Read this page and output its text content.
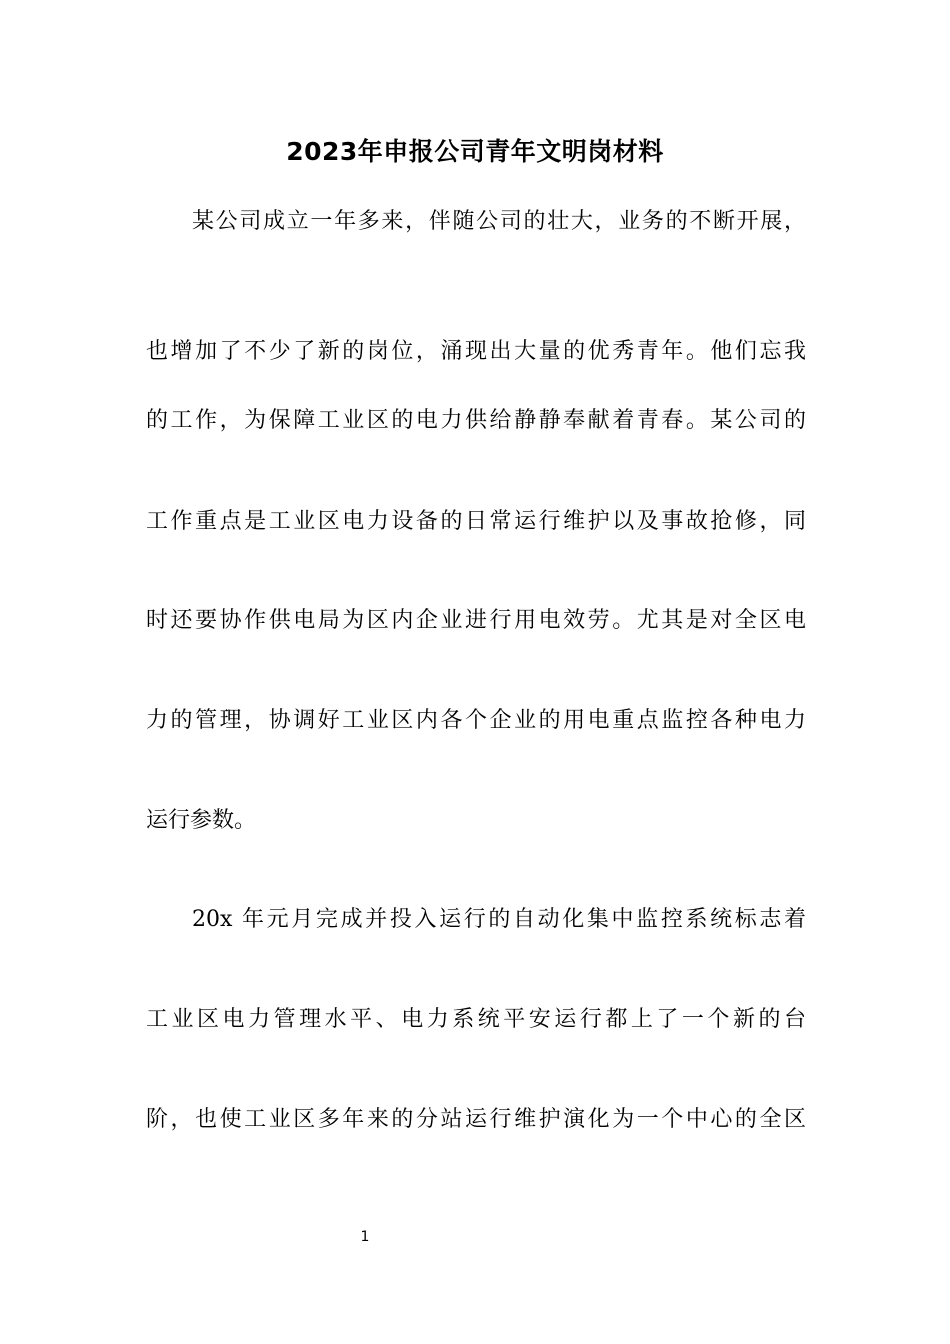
2023年申报公司青年文明岗材料
某公司成立一年多来，伴随公司的壮大，业务的不断开展，
也增加了不少了新的岗位，涌现出大量的优秀青年。他们忘我
的工作，为保障工业区的电力供给静静奉献着青春。某公司的
工作重点是工业区电力设备的日常运行维护以及事故抢修，同
时还要协作供电局为区内企业进行用电效劳。尤其是对全区电
力的管理，协调好工业区内各个企业的用电重点监控各种电力
运行参数。
20x 年元月完成并投入运行的自动化集中监控系统标志着
工业区电力管理水平、电力系统平安运行都上了一个新的台
阶，也使工业区多年来的分站运行维护演化为一个中心的全区
1
